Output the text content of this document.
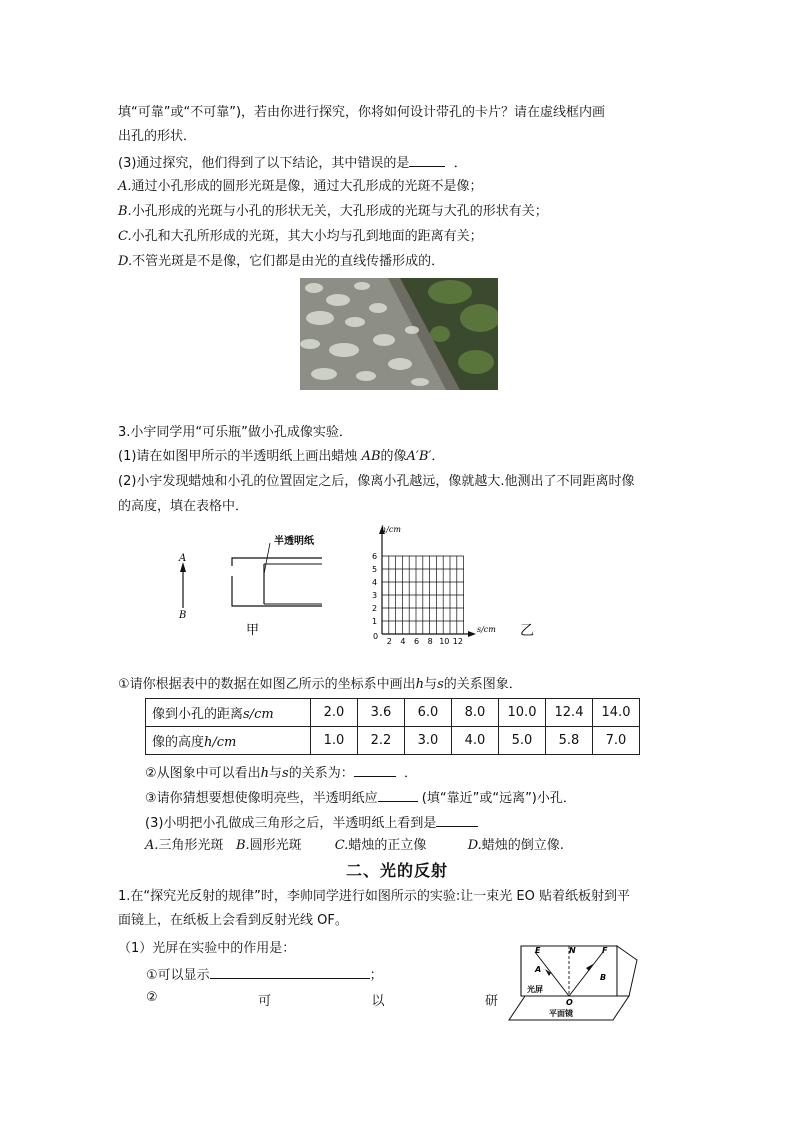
填“可靠”或“不可靠”)，若由你进行探究，你将如何设计带孔的卡片？请在虚线框内画
出孔的形状．
(3)通过探究，他们得到了以下结论，其中错误的是	．
A.通过小孔形成的圆形光斑是像，通过大孔形成的光斑不是像；
B.小孔形成的光斑与小孔的形状无关，大孔形成的光斑与大孔的形状有关；
C.小孔和大孔所形成的光斑，其大小均与孔到地面的距离有关；
D.不管光斑是不是像，它们都是由光的直线传播形成的．
3.小宇同学用“可乐瓶”做小孔成像实验．
(1)请在如图甲所示的半透明纸上画出蜡烛 AB的像A′B′．
(2)小宇发现蜡烛和小孔的位置固定之后，像离小孔越远，像就越大.他测出了不同距离时像
的高度，填在表格中．
A
B
半透明纸
甲
h/cm
s/cm
0
1
2
3
4
5
6
2 4 6 8 10 12
乙
①请你根据表中的数据在如图乙所示的坐标系中画出h与s的关系图象．
像到小孔的距离s/cm	2.0	3.6	6.0	8.0	10.0	12.4	14.0
像的高度h/cm	1.0	2.2	3.0	4.0	5.0	5.8	7.0
②从图象中可以看出h与s的关系为：	．
③请你猜想要想使像明亮些，半透明纸应	(填“靠近”或“远离”)小孔．
(3)小明把小孔做成三角形之后，半透明纸上看到是
A.三角形光斑 B.圆形光斑	C.蜡烛的正立像	D.蜡烛的倒立像.
二、光的反射
1.在“探究光反射的规律”时，李帅同学进行如图所示的实验:让一束光 EO 贴着纸板射到平
面镜上，在纸板上会看到反射光线 OF。
（1）光屏在实验中的作用是：
①可以显示	；
②	可	以	研
E	N	F
A
B
O
光屏
平面镜
